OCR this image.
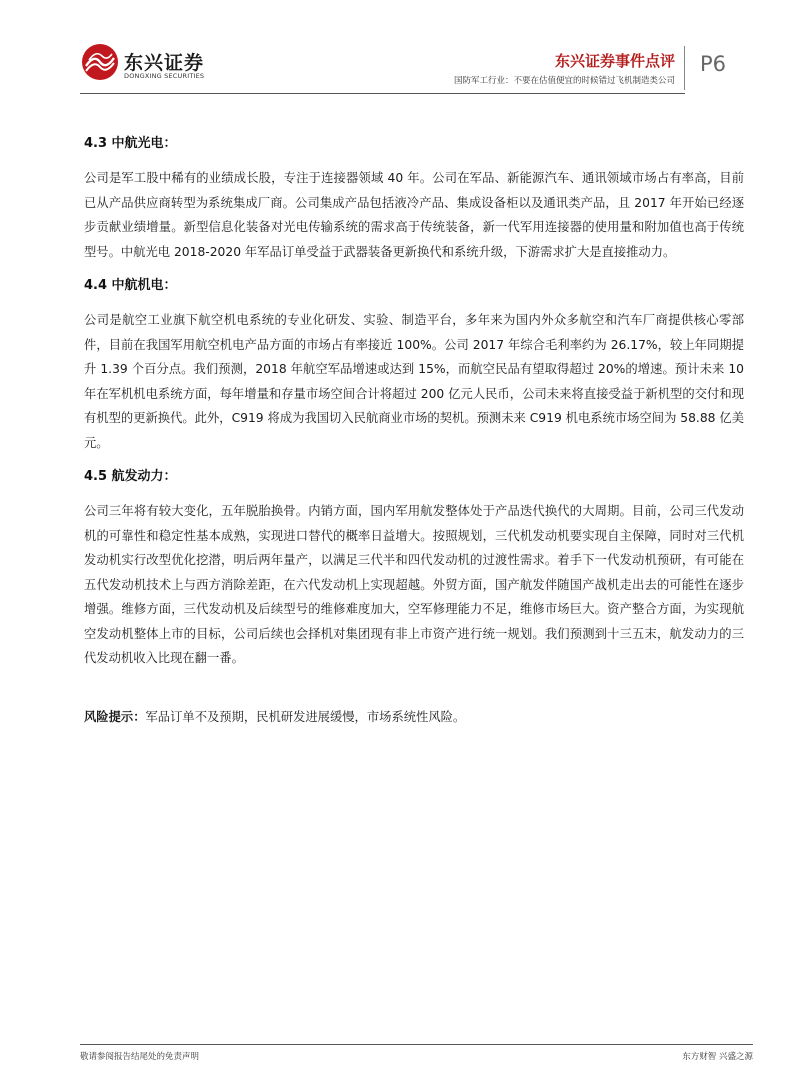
东兴证券
DONGXING SECURITIES
东兴证券事件点评
国防军工行业：不要在估值便宜的时候错过飞机制造类公司
P6

4.3 中航光电：

公司是军工股中稀有的业绩成长股，专注于连接器领域 40 年。公司在军品、新能源汽车、通讯领域市场占有率高，目前已从产品供应商转型为系统集成厂商。公司集成产品包括液冷产品、集成设备柜以及通讯类产品，且 2017 年开始已经逐步贡献业绩增量。新型信息化装备对光电传输系统的需求高于传统装备，新一代军用连接器的使用量和附加值也高于传统型号。中航光电 2018-2020 年军品订单受益于武器装备更新换代和系统升级，下游需求扩大是直接推动力。

4.4 中航机电：

公司是航空工业旗下航空机电系统的专业化研发、实验、制造平台，多年来为国内外众多航空和汽车厂商提供核心零部件，目前在我国军用航空机电产品方面的市场占有率接近 100%。公司 2017 年综合毛利率约为 26.17%，较上年同期提升 1.39 个百分点。我们预测，2018 年航空军品增速或达到 15%，而航空民品有望取得超过 20%的增速。预计未来 10 年在军机机电系统方面，每年增量和存量市场空间合计将超过 200 亿元人民币，公司未来将直接受益于新机型的交付和现有机型的更新换代。此外，C919 将成为我国切入民航商业市场的契机。预测未来 C919 机电系统市场空间为 58.88 亿美元。

4.5 航发动力：

公司三年将有较大变化，五年脱胎换骨。内销方面，国内军用航发整体处于产品迭代换代的大周期。目前，公司三代发动机的可靠性和稳定性基本成熟，实现进口替代的概率日益增大。按照规划，三代机发动机要实现自主保障，同时对三代机发动机实行改型优化挖潜，明后两年量产，以满足三代半和四代发动机的过渡性需求。着手下一代发动机预研，有可能在五代发动机技术上与西方消除差距，在六代发动机上实现超越。外贸方面，国产航发伴随国产战机走出去的可能性在逐步增强。维修方面，三代发动机及后续型号的维修难度加大，空军修理能力不足，维修市场巨大。资产整合方面，为实现航空发动机整体上市的目标，公司后续也会择机对集团现有非上市资产进行统一规划。我们预测到十三五末，航发动力的三代发动机收入比现在翻一番。

风险提示：军品订单不及预期，民机研发进展缓慢，市场系统性风险。

敬请参阅报告结尾处的免责声明	东方财智 兴盛之源
